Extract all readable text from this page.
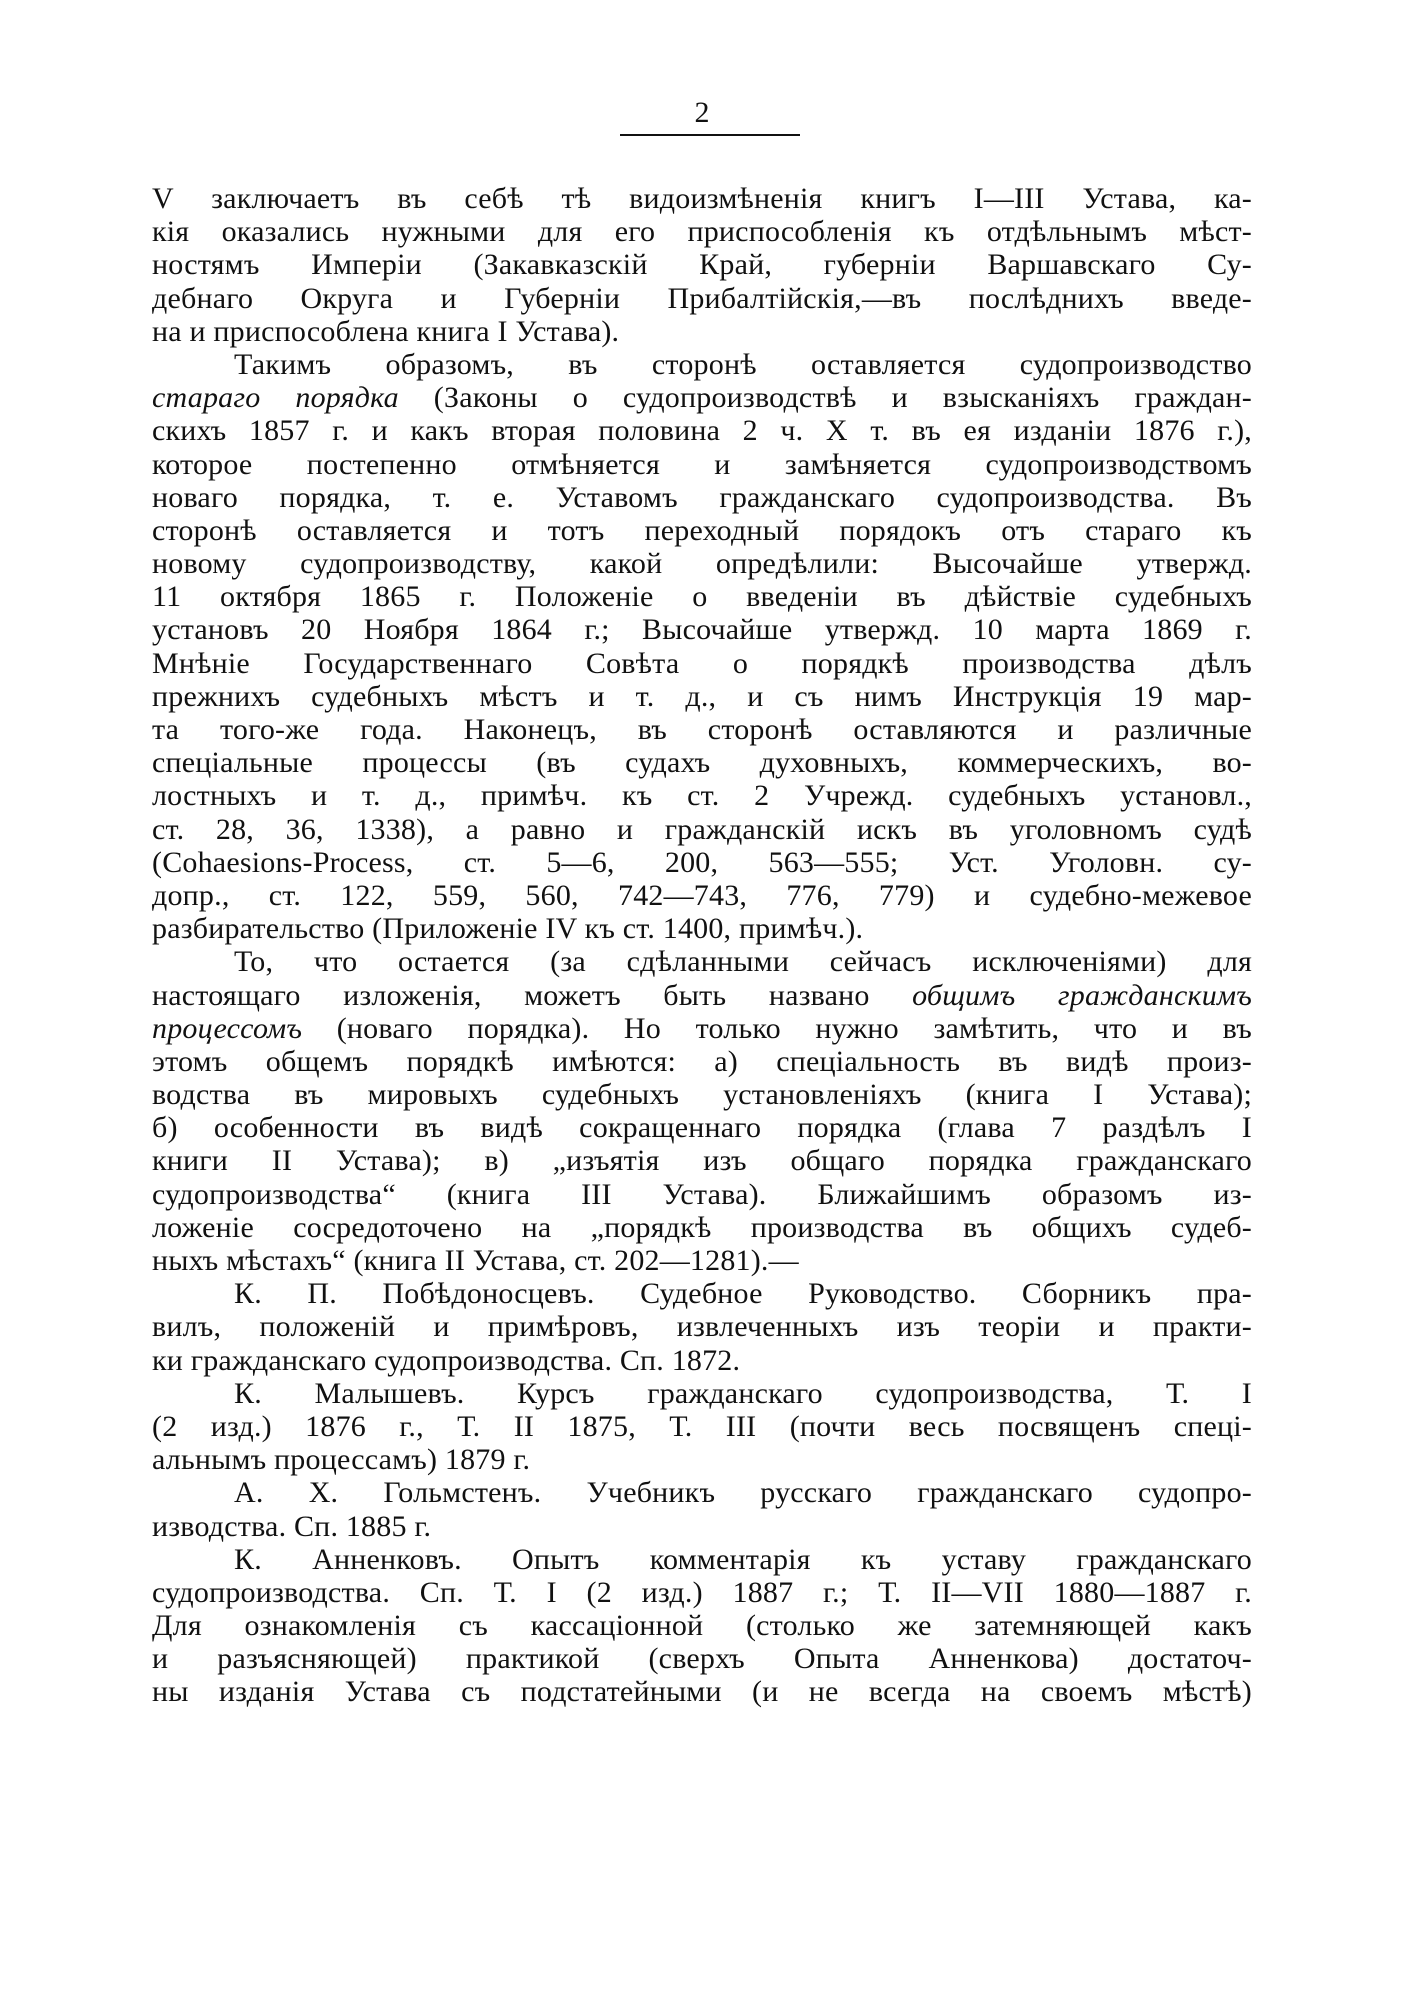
2
V заключаетъ въ себѣ тѣ видоизмѣненія книгъ I—III Устава, ка-
кія оказались нужными для его приспособленія къ отдѣльнымъ мѣст-
ностямъ Имперіи (Закавказскій Край, губерніи Варшавскаго Су-
дебнаго Округа и Губерніи Прибалтійскія,—въ послѣднихъ введе-
на и приспособлена книга I Устава).
Такимъ образомъ, въ сторонѣ оставляется судопроизводство
стараго порядка (Законы о судопроизводствѣ и взысканіяхъ граждан-
скихъ 1857 г. и какъ вторая половина 2 ч. X т. въ ея изданіи 1876 г.),
которое постепенно отмѣняется и замѣняется судопроизводствомъ
новаго порядка, т. е. Уставомъ гражданскаго судопроизводства. Въ
сторонѣ оставляется и тотъ переходный порядокъ отъ стараго къ
новому судопроизводству, какой опредѣлили: Высочайше утвержд.
11 октября 1865 г. Положеніе о введеніи въ дѣйствіе судебныхъ
установъ 20 Ноября 1864 г.; Высочайше утвержд. 10 марта 1869 г.
Мнѣніе Государственнаго Совѣта о порядкѣ производства дѣлъ
прежнихъ судебныхъ мѣстъ и т. д., и съ нимъ Инструкція 19 мар-
та того-же года. Наконецъ, въ сторонѣ оставляются и различные
спеціальные процессы (въ судахъ духовныхъ, коммерческихъ, во-
лостныхъ и т. д., примѣч. къ ст. 2 Учрежд. судебныхъ установл.,
ст. 28, 36, 1338), а равно и гражданскій искъ въ уголовномъ судѣ
(Cohaesions-Process, ст. 5—6, 200, 563—555; Уст. Уголовн. су-
допр., ст. 122, 559, 560, 742—743, 776, 779) и судебно-межевое
разбирательство (Приложеніе IV къ ст. 1400, примѣч.).
То, что остается (за сдѣланными сейчасъ исключеніями) для
настоящаго изложенія, можетъ быть названо общимъ гражданскимъ
процессомъ (новаго порядка). Но только нужно замѣтить, что и въ
этомъ общемъ порядкѣ имѣются: а) спеціальность въ видѣ произ-
водства въ мировыхъ судебныхъ установленіяхъ (книга I Устава);
б) особенности въ видѣ сокращеннаго порядка (глава 7 раздѣлъ I
книги II Устава); в) „изъятія изъ общаго порядка гражданскаго
судопроизводства“ (книга III Устава). Ближайшимъ образомъ из-
ложеніе сосредоточено на „порядкѣ производства въ общихъ судеб-
ныхъ мѣстахъ“ (книга II Устава, ст. 202—1281).—
К. П. Побѣдоносцевъ. Судебное Руководство. Сборникъ пра-
вилъ, положеній и примѣровъ, извлеченныхъ изъ теоріи и практи-
ки гражданскаго судопроизводства. Сп. 1872.
К. Малышевъ. Курсъ гражданскаго судопроизводства, Т. I
(2 изд.) 1876 г., Т. II 1875, Т. III (почти весь посвященъ спеці-
альнымъ процессамъ) 1879 г.
А. Х. Гольмстенъ. Учебникъ русскаго гражданскаго судопро-
изводства. Сп. 1885 г.
К. Анненковъ. Опытъ комментарія къ уставу гражданскаго
судопроизводства. Сп. Т. I (2 изд.) 1887 г.; Т. II—VII 1880—1887 г.
Для ознакомленія съ кассаціонной (столько же затемняющей какъ
и разъясняющей) практикой (сверхъ Опыта Анненкова) достаточ-
ны изданія Устава съ подстатейными (и не всегда на своемъ мѣстѣ)
